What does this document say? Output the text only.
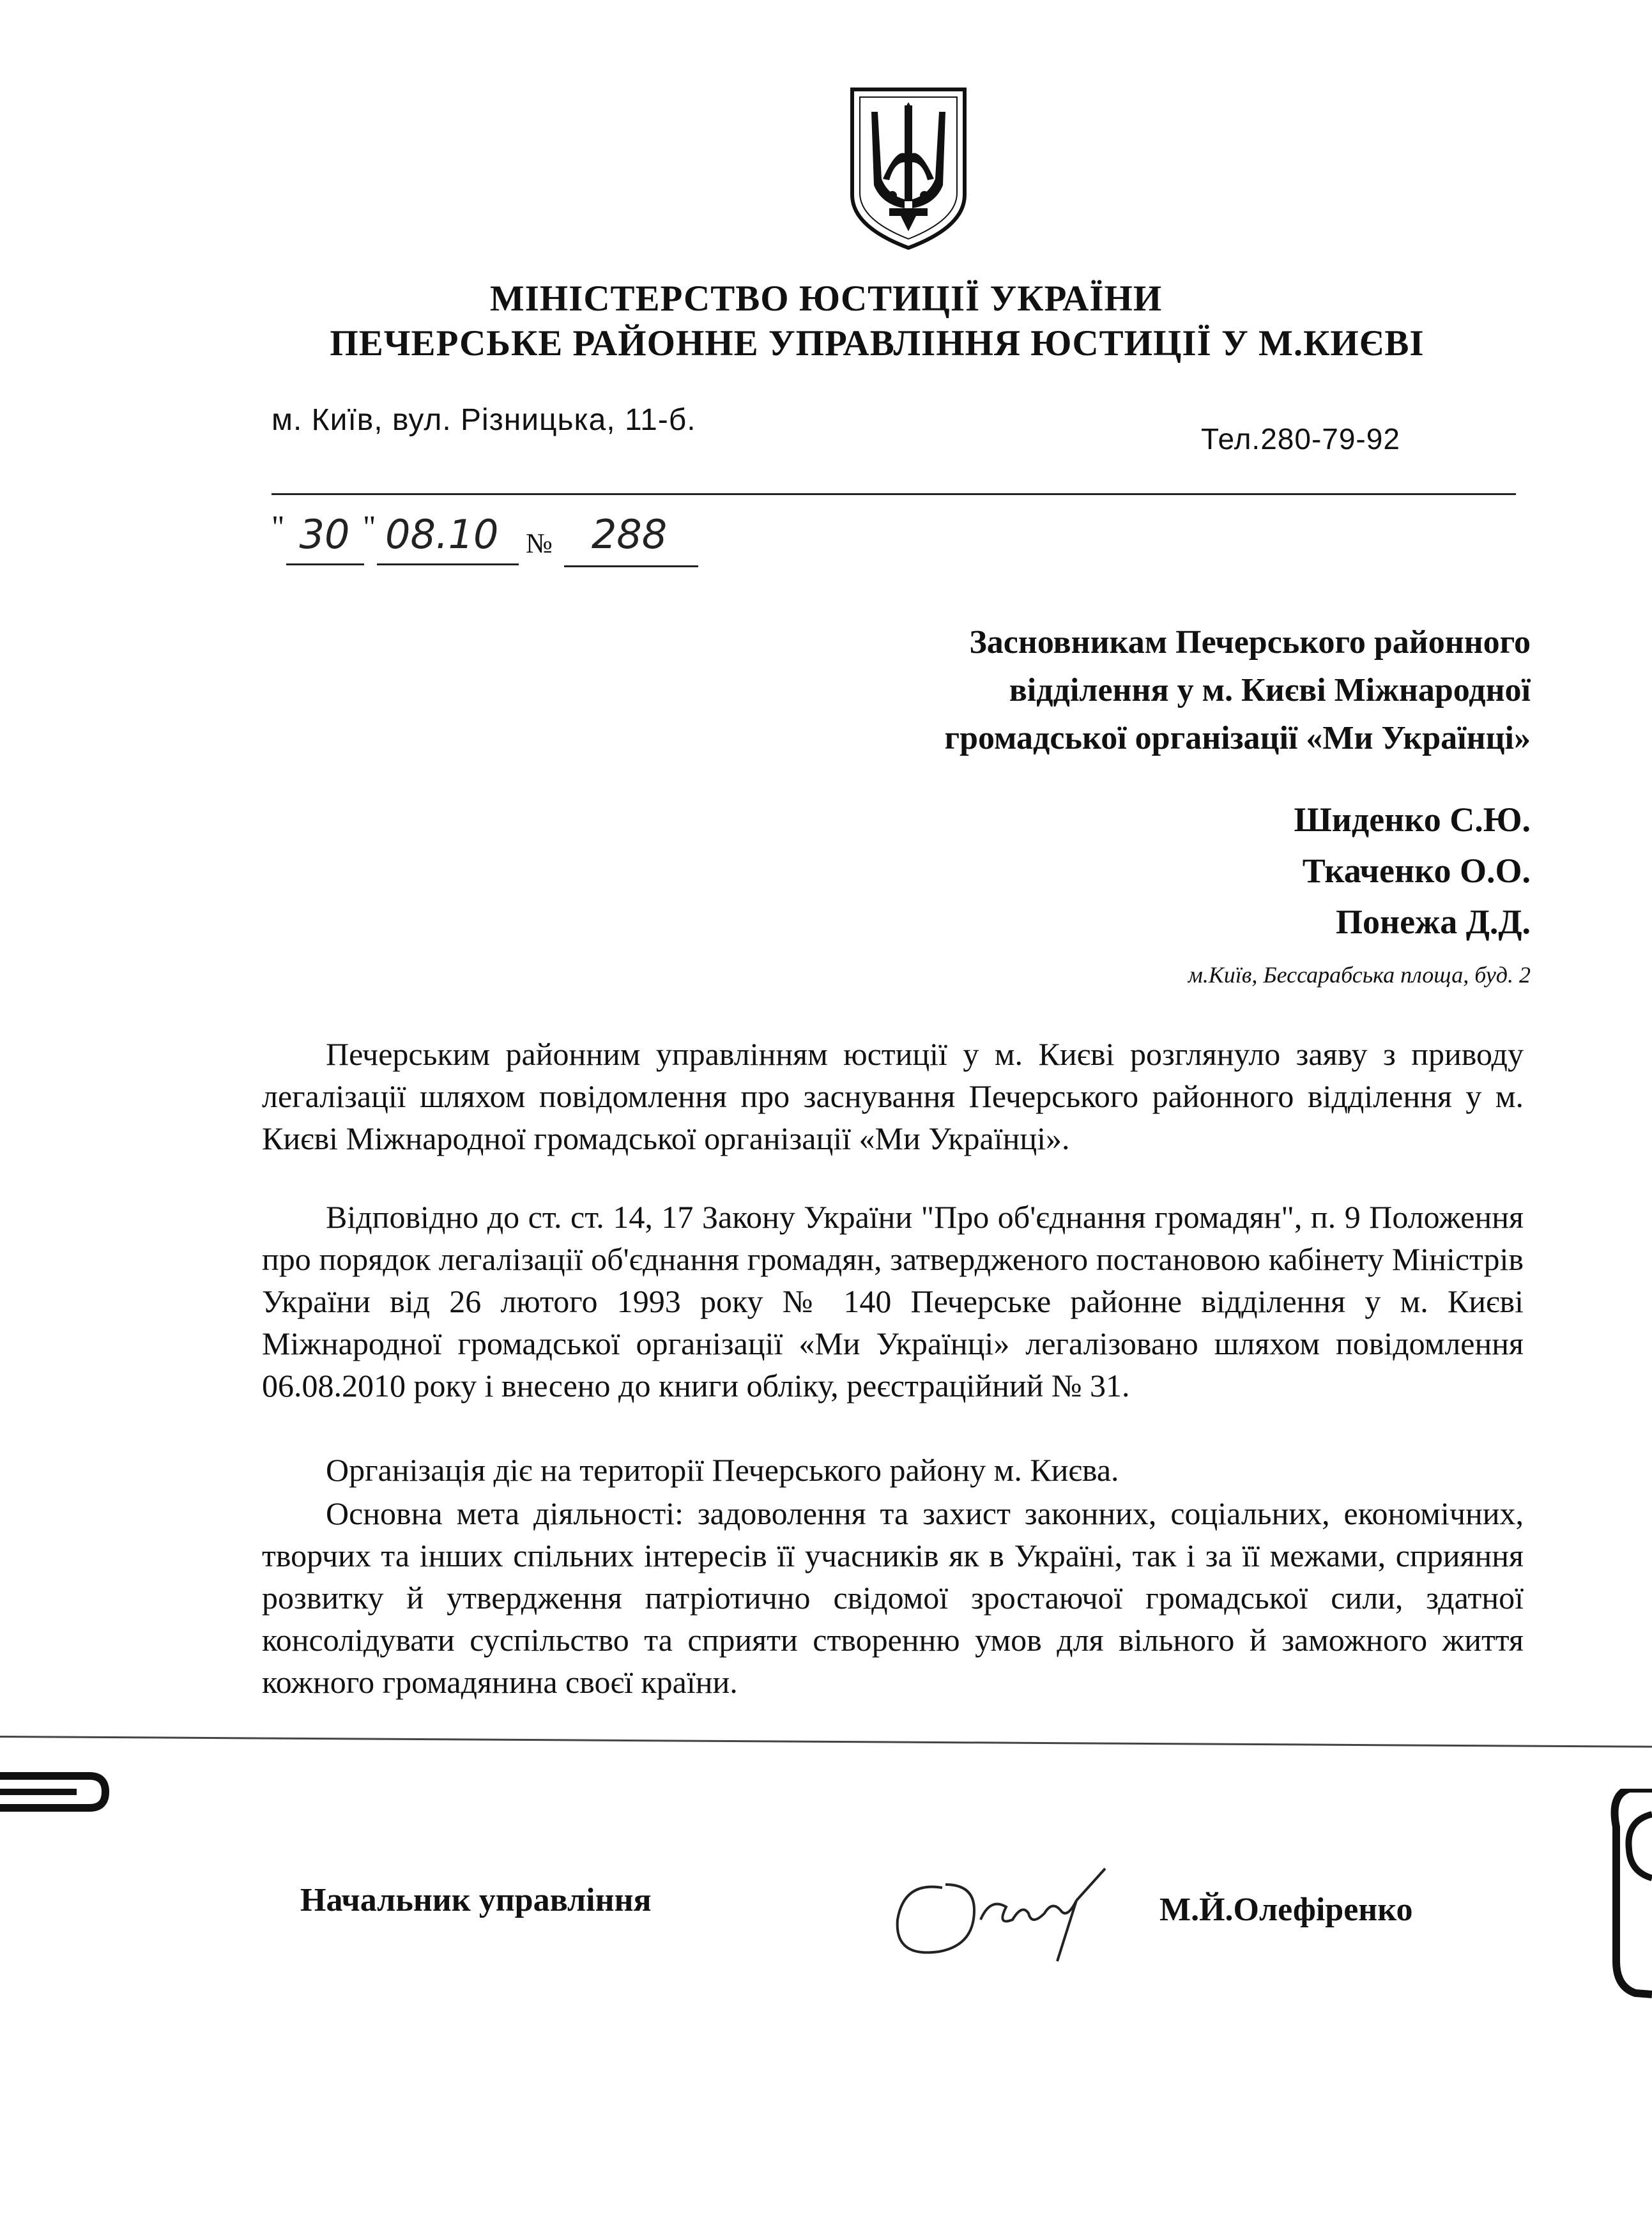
МІНІСТЕРСТВО ЮСТИЦІЇ УКРАЇНИ
ПЕЧЕРСЬКЕ РАЙОННЕ УПРАВЛІННЯ ЮСТИЦІЇ У М.КИЄВІ
м. Київ, вул. Різницька, 11-б.
Тел.280-79-92
" 30 " 08.10 № 288
Засновникам Печерського районного
відділення у м. Києві Міжнародної
громадської організації «Ми Українці»
Шиденко С.Ю.
Ткаченко О.О.
Понежа Д.Д.
м.Київ, Бессарабська площа, буд. 2
Печерським районним управлінням юстиції у м. Києві розглянуло заяву з приводу легалізації шляхом повідомлення про заснування Печерського районного відділення у м. Києві Міжнародної громадської організації «Ми Українці».
Відповідно до ст. ст. 14, 17 Закону України "Про об'єднання громадян", п. 9 Положення про порядок легалізації об'єднання громадян, затвердженого постановою кабінету Міністрів України від 26 лютого 1993 року № 140 Печерське районне відділення у м. Києві Міжнародної громадської організації «Ми Українці» легалізовано шляхом повідомлення 06.08.2010 року і внесено до книги обліку, реєстраційний № 31.
Організація діє на території Печерського району м. Києва.
Основна мета діяльності: задоволення та захист законних, соціальних, економічних, творчих та інших спільних інтересів її учасників як в Україні, так і за її межами, сприяння розвитку й утвердження патріотично свідомої зростаючої громадської сили, здатної консолідувати суспільство та сприяти створенню умов для вільного й заможного життя кожного громадянина своєї країни.
Начальник управління	М.Й.Олефіренко
